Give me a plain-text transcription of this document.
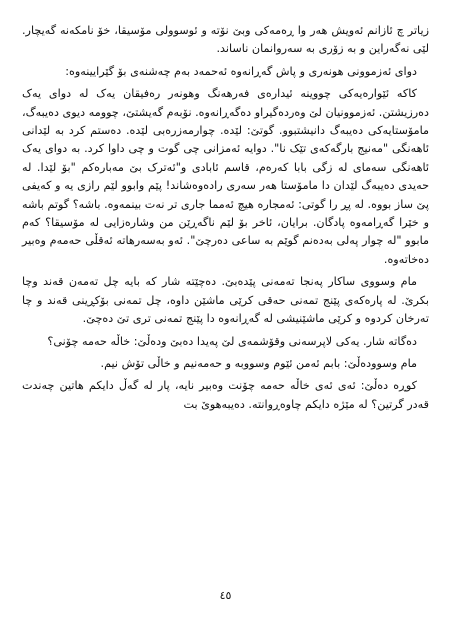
زیاتر چ ئازانم ئەویش هەر وا ڕەمەکی وبێ نۆتە و ئوسوولی مۆسیقا، خۆ نامکەنە گەیچار. لێی نەگەراین و بە زۆری بە سەروانمان ناساند.

دوای ئەزموونی هونەری و پاش گەڕانەوە ئەحمەد بەم چەشنەی بۆ گێرایینەوە:

کاکە ئێوارەیەکی چووینە ئیدارەی فەرهەنگ وهونەر رەفیقان یەک لە دوای یەک دەرزیشتن. ئەزموونیان لێ وەردەگیراو دەگەڕانەوە. نۆبەم گەیشتێ، چوومە دیوی دەیبەگ، مامۆستایەکی دەیبەگ دانیشتبوو. گوتێ: لێدە. چوارمەزرەبی لێدە. دەستم کرد بە لێدانی ئاهەنگی "مەنیج بارگەکەی تێک نا". دوایە ئەمزانی چی گوت و چی داوا کرد. بە دوای یەک ئاهەنگی سەمای لە زگی بابا کەرەم، قاسم ئابادی و"ئەترک بێ مەبارەکم "بۆ لێدا. لە حەیدی دەیبەگ لێدان دا مامۆستا هەر سەری رادەوەشاند! پێم وابوو لێم رازی یە و کەیفی پێ ساز بووە. لە پڕ را گوتی: ئەمجارە هیچ ئەمما جاری تر نەت بینمەوە. باشە؟ گوتم باشە و خێرا گەڕامەوە پادگان. برایان، ئاخر بۆ لێم ناگەڕێن من وشارەزایی لە مۆسیقا؟ کەم مابوو "لە چوار پەلی بەدەنم گوێم بە ساعی دەرچێ". ئەو بەسەرهاتە ئەقڵی حەمەم وەبیر دەخاتەوە.

مام وسووی ساکار پەنجا تەمەنی پێدەبێ. دەچێتە شار کە بایە چل تەمەن قەند وچا بکرێ. لە پارەکەی پێنج تمەنی حەقی کرێی ماشێن داوە، چل تمەنی بۆکڕینی قەند و چا تەرخان کردوە و کرێی ماشێنیشی لە گەڕانەوە دا پێنج تمەنی تری تێ دەچێ.

دەگاتە شار. یەکی لاپرسەنی وقۆشمەی لێ پەیدا دەبێ ودەڵێ: خاڵە حەمە چۆنی؟

مام وسوودەڵێ: بابم ئەمن ئێوم وسووبە و حەمەنیم و خاڵی تۆش نیم.

کوڕە دەڵێ: ئەی ئەی خاڵە حەمە چۆنت وەبیر نایە، پار لە گەڵ دایکم هاتین چەندت قەدر گرتین؟ لە مێژە دایکم چاوەڕوانتە. دەیبەهوێ بت

٤٥
